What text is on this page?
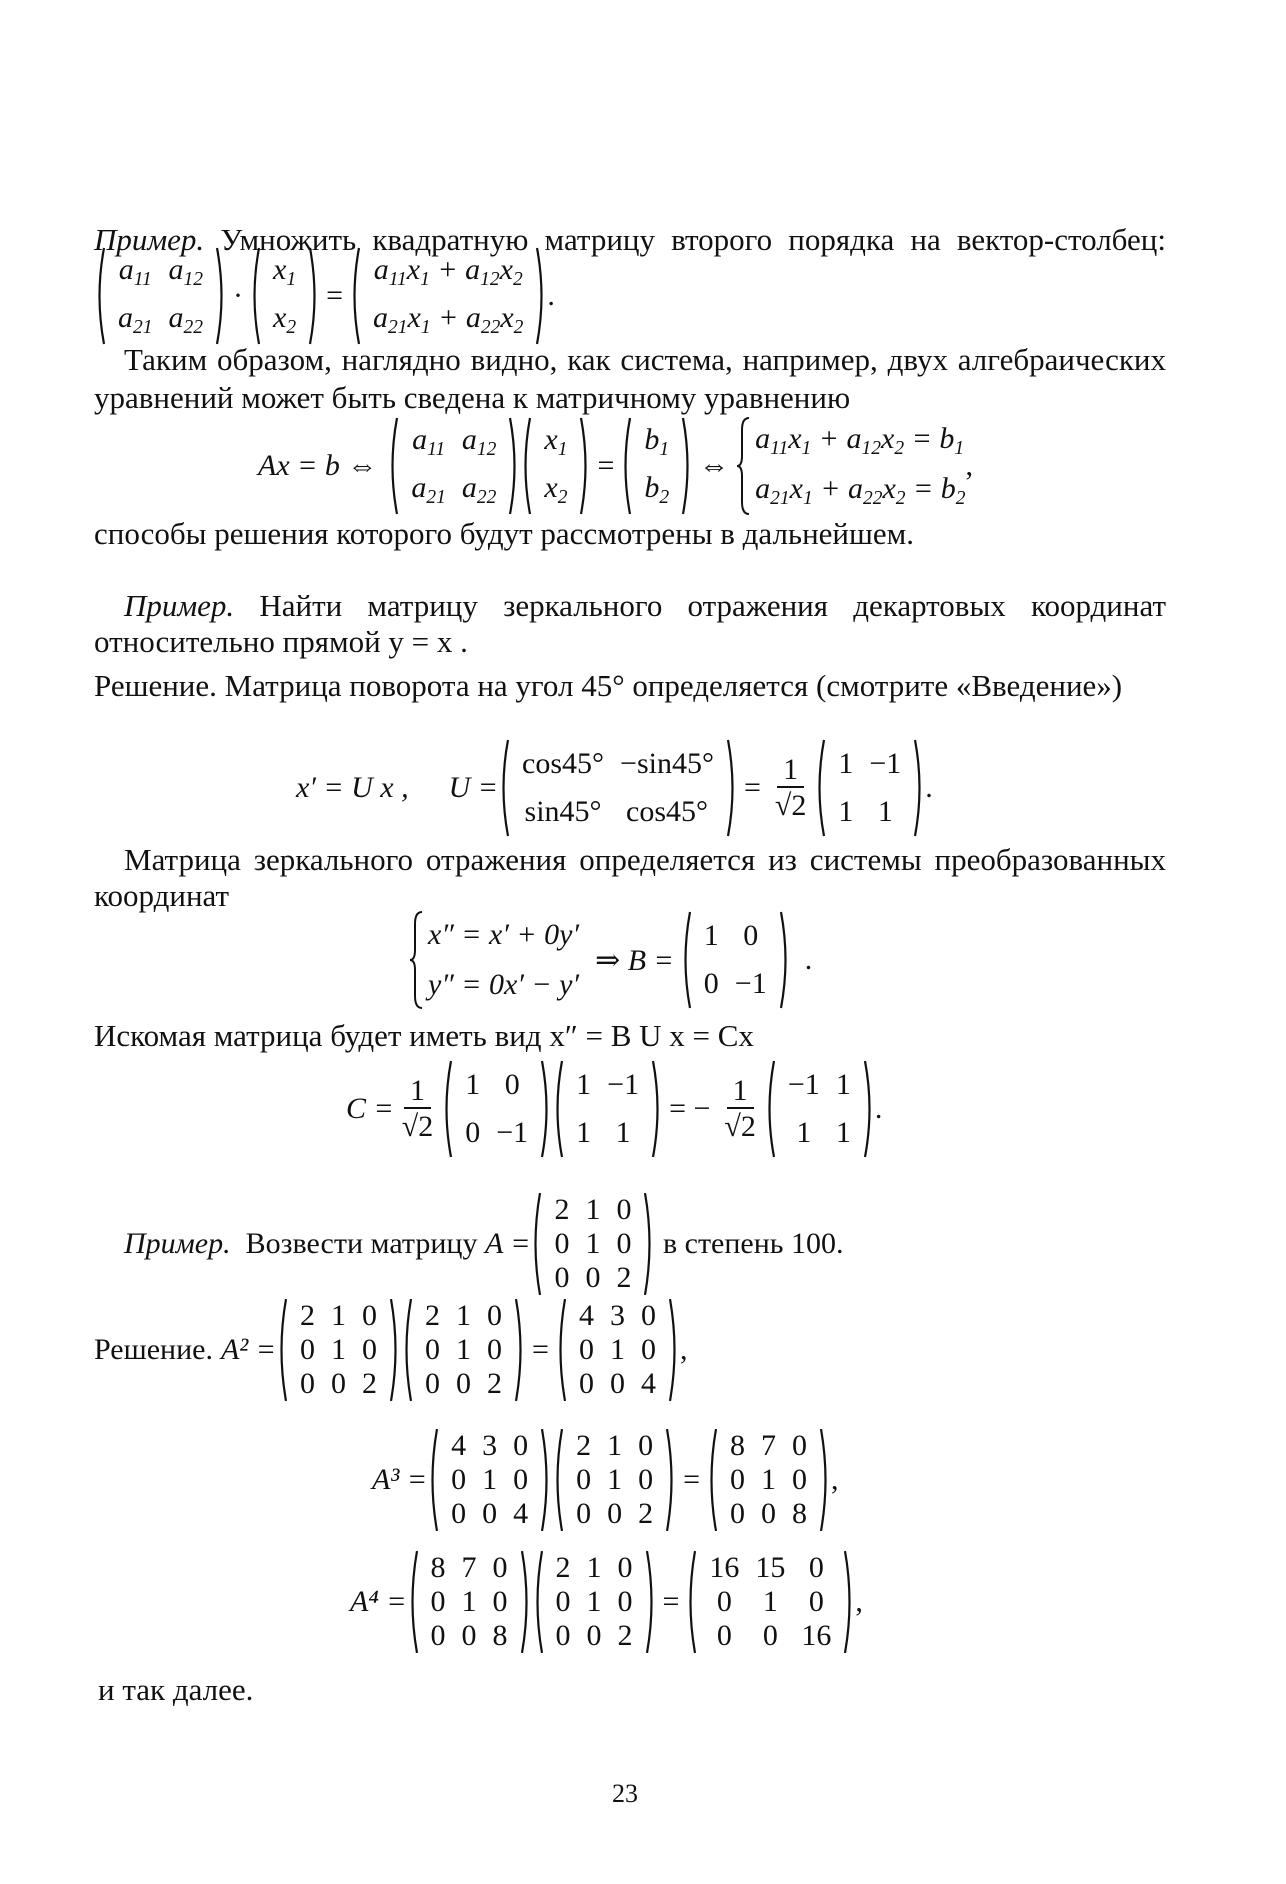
Пример. Умножить квадратную матрицу второго порядка на вектор-столбец:
$a_{11}$ $a_{12}$
$a_{21}$ $a_{22}$
·
$x_1$
$x_2$
=
$a_{11}x_1 + a_{12}x_2$
$a_{21}x_1 + a_{22}x_2$
.
Таким образом, наглядно видно, как система, например, двух алгебраических
уравнений может быть сведена к матричному уравнению
Ax = b ⇔
$a_{11}$ $a_{12}$
$a_{21}$ $a_{22}$
$x_1$
$x_2$
=
$b_1$
$b_2$
⇔
$a_{11}x_1 + a_{12}x_2 = b_1$
$a_{21}x_1 + a_{22}x_2 = b_2$
,
способы решения которого будут рассмотрены в дальнейшем.
Пример. Найти матрицу зеркального отражения декартовых координат
относительно прямой y = x .
Решение. Матрица поворота на угол 45° определяется (смотрите «Введение»)
x′ = U x , U =
cos45° −sin45°
sin45° cos45°
= $\frac{1}{√2} 1 -1$
1 1
.
Матрица зеркального отражения определяется из системы преобразованных
координат
x″ = x′ + 0y′
y″ = 0x′ − y′
⇒ B =
1 0
0 −1
.
Искомая матрица будет иметь вид x″ = B U x = Cx
$C = \frac{1}{√2} 1$ 0
0 −1
1 −1
1 1
= − $\frac{1}{√2} -1$ 1
1 1
.
Пример. Возвести матрицу A =
2 1 0
0 1 0
0 0 2
в степень 100.
Решение. A² =
2 1 0
0 1 0
0 0 2
2 1 0
0 1 0
0 0 2
=
4 3 0
0 1 0
0 0 4
,
A³ =
4 3 0
0 1 0
0 0 4
2 1 0
0 1 0
0 0 2
=
8 7 0
0 1 0
0 0 8
,
A⁴ =
8 7 0
0 1 0
0 0 8
2 1 0
0 1 0
0 0 2
=
16 15 0
0 1 0
0 0 16
,
и так далее.
23
